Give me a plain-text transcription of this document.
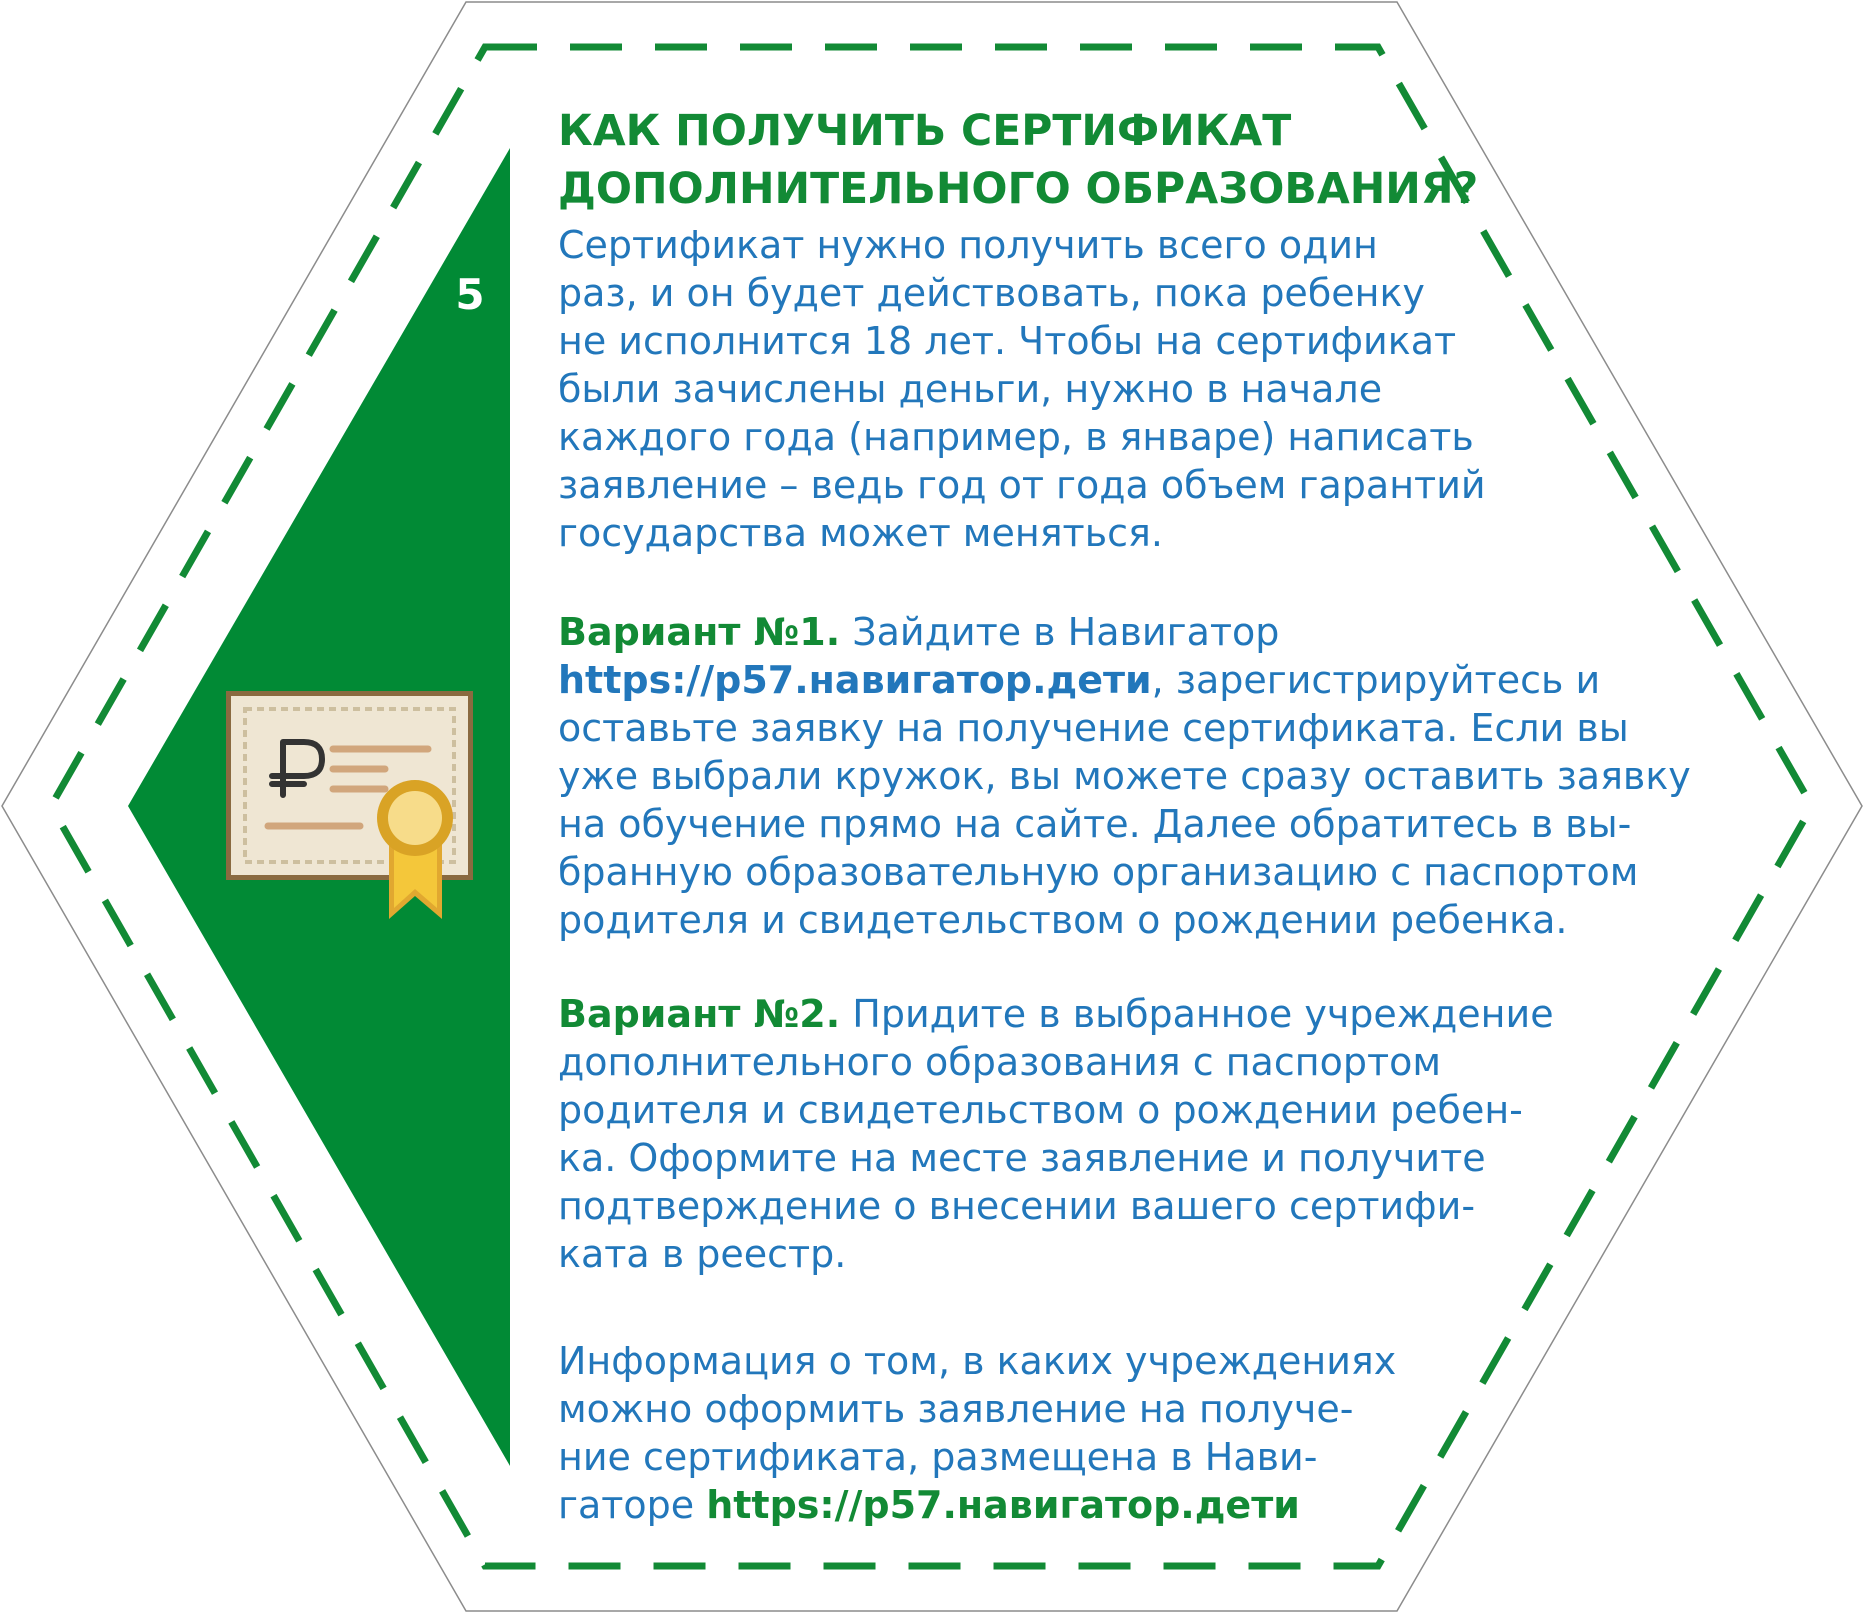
5
КАК ПОЛУЧИТЬ СЕРТИФИКАТ
ДОПОЛНИТЕЛЬНОГО ОБРАЗОВАНИЯ?
Сертификат нужно получить всего один
раз, и он будет действовать, пока ребенку
не исполнится 18 лет. Чтобы на сертификат
были зачислены деньги, нужно в начале
каждого года (например, в январе) написать
заявление – ведь год от года объем гарантий
государства может меняться.
Вариант №1. Зайдите в Навигатор
https://р57.навигатор.дети, зарегистрируйтесь и
оставьте заявку на получение сертификата. Если вы
уже выбрали кружок, вы можете сразу оставить заявку
на обучение прямо на сайте. Далее обратитесь в вы-
бранную образовательную организацию с паспортом
родителя и свидетельством о рождении ребенка.
Вариант №2. Придите в выбранное учреждение
дополнительного образования с паспортом
родителя и свидетельством о рождении ребен-
ка. Оформите на месте заявление и получите
подтверждение о внесении вашего сертифи-
ката в реестр.
Информация о том, в каких учреждениях
можно оформить заявление на получе-
ние сертификата, размещена в Нави-
гаторе https://р57.навигатор.дети
